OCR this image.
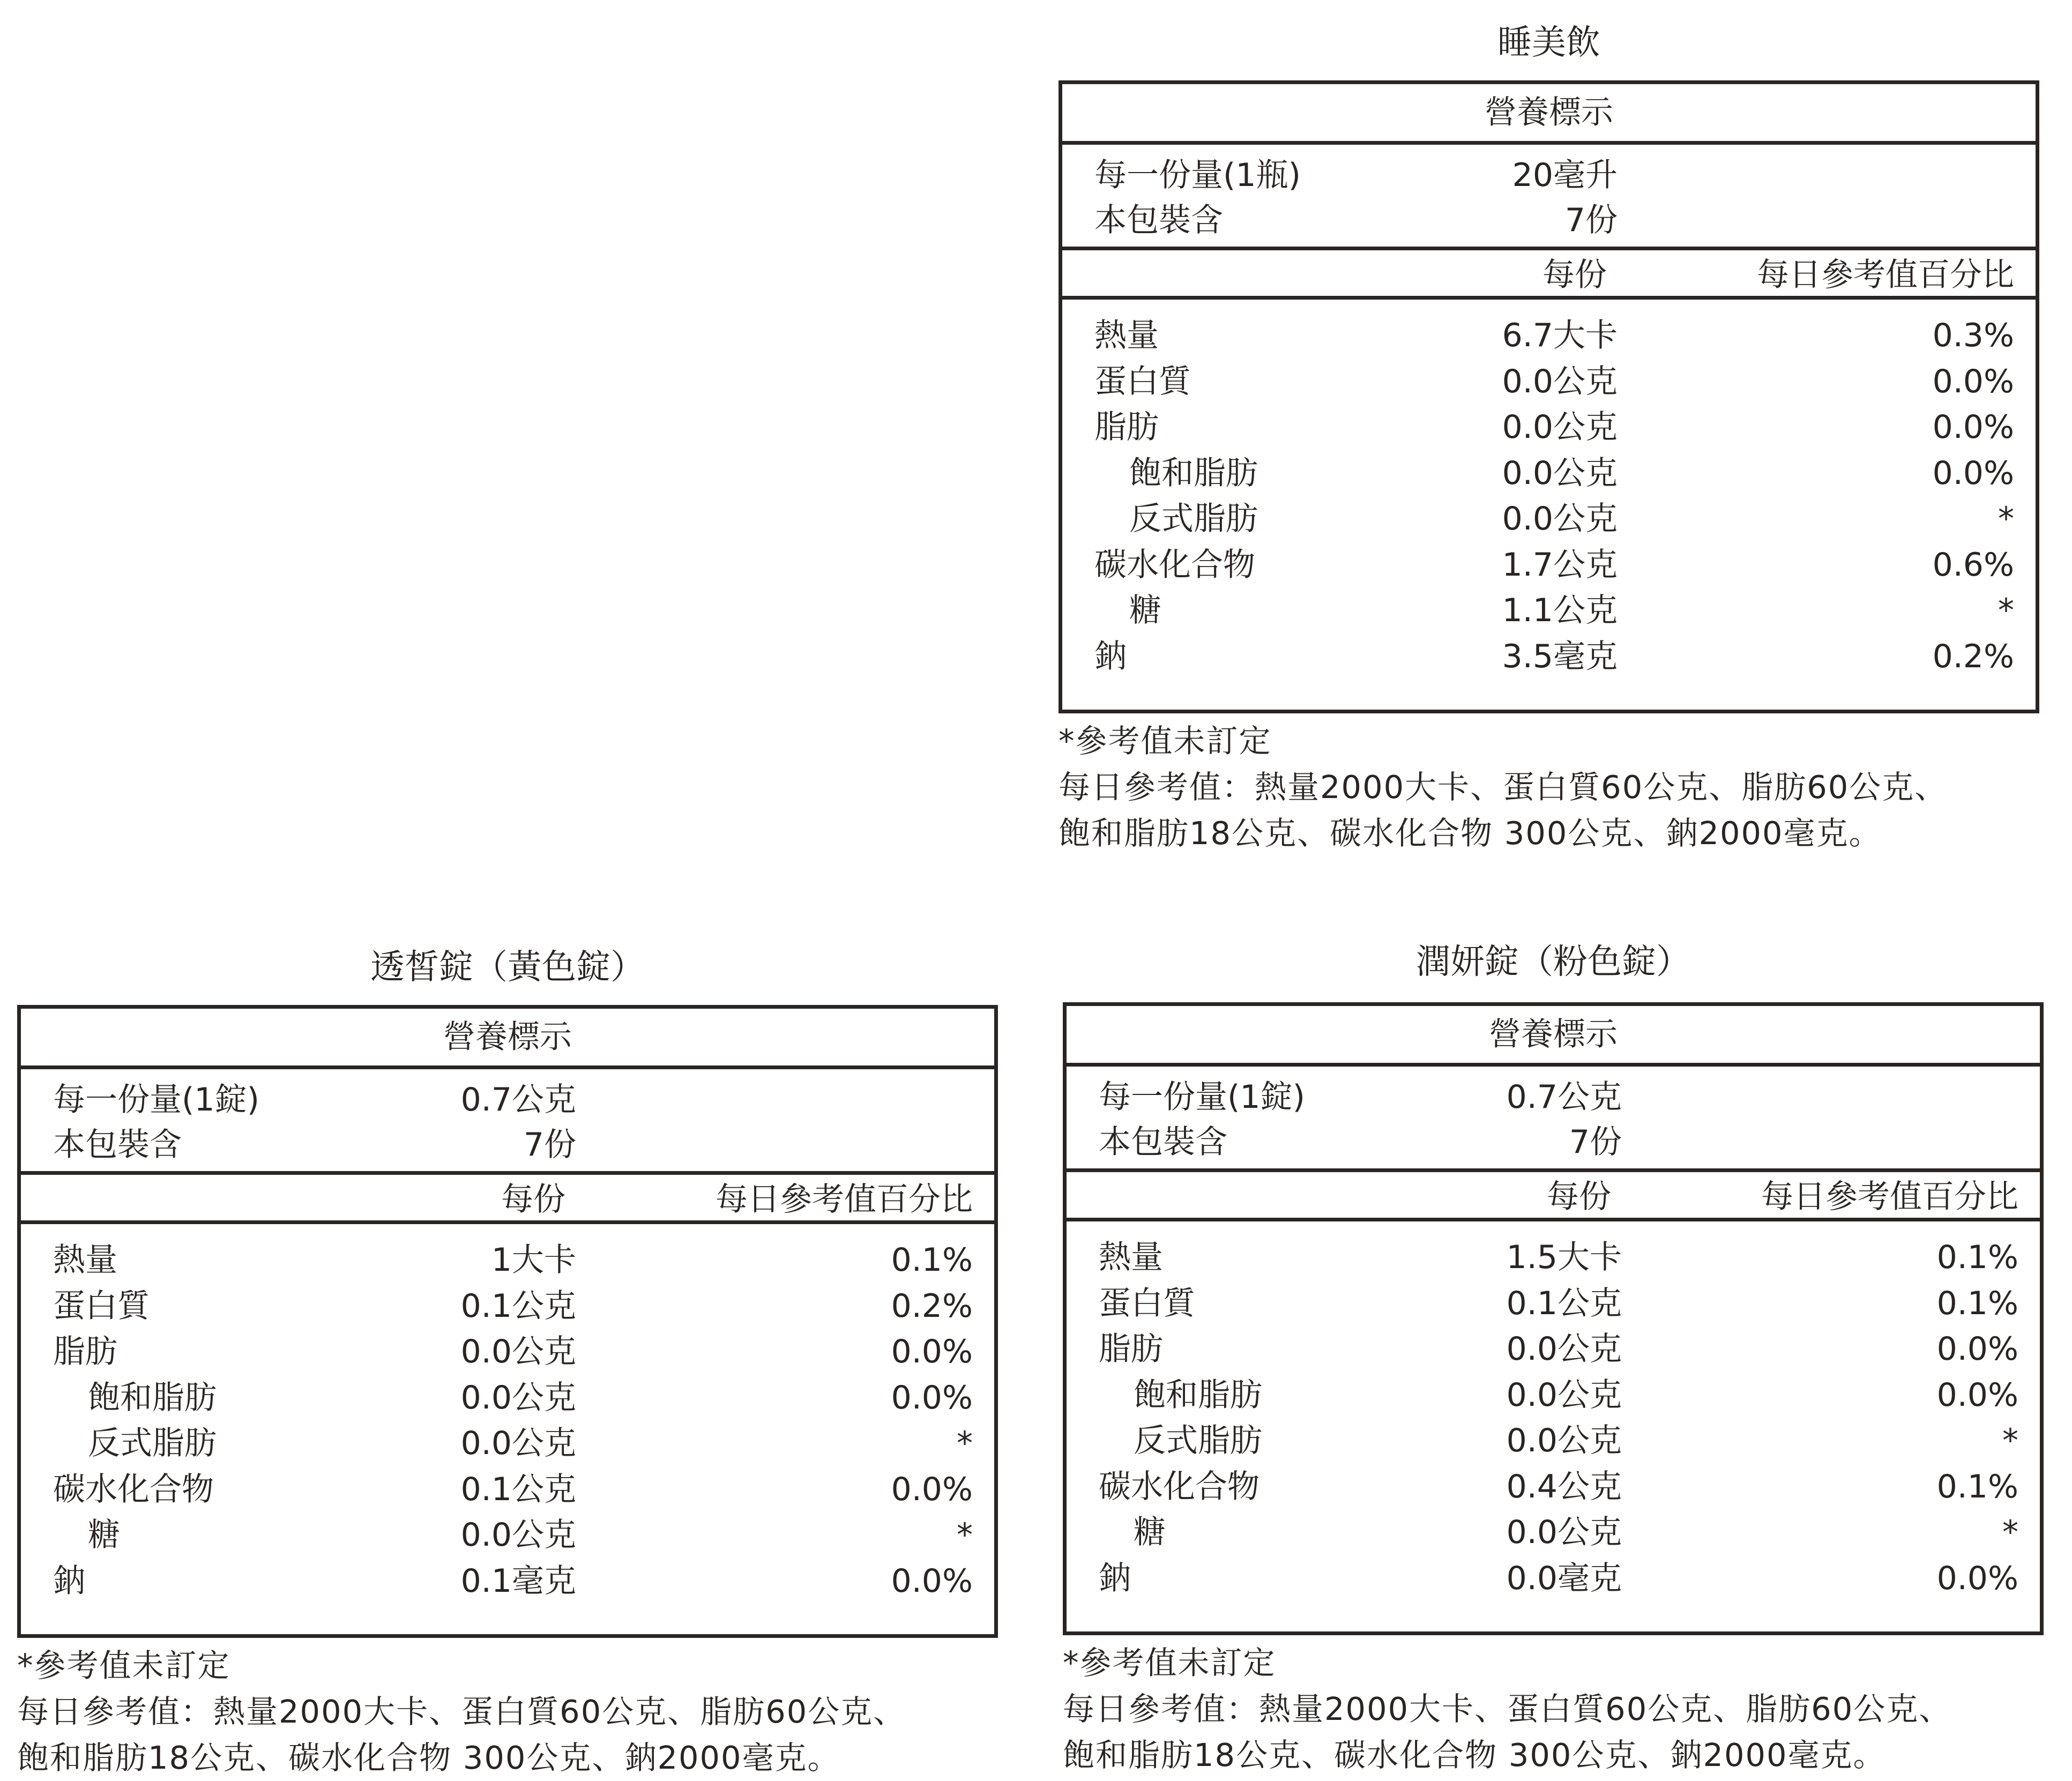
睡美飲
營養標示
每一份量(1瓶)	20毫升
本包裝含	7份
每份	每日參考值百分比
熱量	6.7大卡	0.3%
蛋白質	0.0公克	0.0%
脂肪	0.0公克	0.0%
飽和脂肪	0.0公克	0.0%
反式脂肪	0.0公克	*
碳水化合物	1.7公克	0.6%
糖	1.1公克	*
鈉	3.5毫克	0.2%
*參考值未訂定
每日參考值：熱量2000大卡、蛋白質60公克、脂肪60公克、
飽和脂肪18公克、碳水化合物 300公克、鈉2000毫克。
透皙錠（黃色錠）
營養標示
每一份量(1錠)	0.7公克
本包裝含	7份
每份	每日參考值百分比
熱量	1大卡	0.1%
蛋白質	0.1公克	0.2%
脂肪	0.0公克	0.0%
飽和脂肪	0.0公克	0.0%
反式脂肪	0.0公克	*
碳水化合物	0.1公克	0.0%
糖	0.0公克	*
鈉	0.1毫克	0.0%
*參考值未訂定
每日參考值：熱量2000大卡、蛋白質60公克、脂肪60公克、
飽和脂肪18公克、碳水化合物 300公克、鈉2000毫克。
潤妍錠（粉色錠）
營養標示
每一份量(1錠)	0.7公克
本包裝含	7份
每份	每日參考值百分比
熱量	1.5大卡	0.1%
蛋白質	0.1公克	0.1%
脂肪	0.0公克	0.0%
飽和脂肪	0.0公克	0.0%
反式脂肪	0.0公克	*
碳水化合物	0.4公克	0.1%
糖	0.0公克	*
鈉	0.0毫克	0.0%
*參考值未訂定
每日參考值：熱量2000大卡、蛋白質60公克、脂肪60公克、
飽和脂肪18公克、碳水化合物 300公克、鈉2000毫克。
